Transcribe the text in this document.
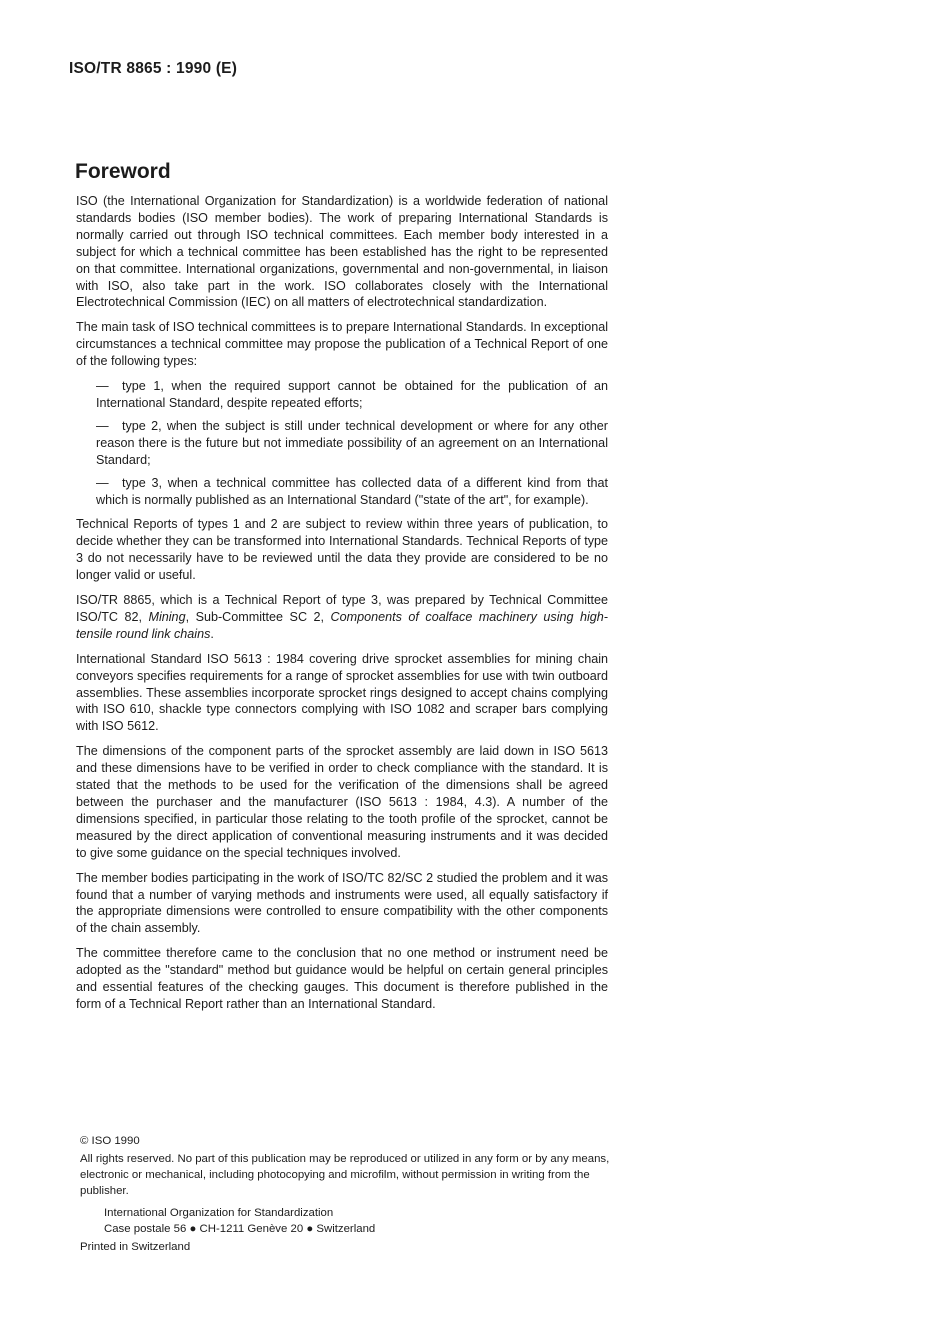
ISO/TR 8865 : 1990 (E)
Foreword

ISO (the International Organization for Standardization) is a worldwide federation of national standards bodies (ISO member bodies). The work of preparing International Standards is normally carried out through ISO technical committees. Each member body interested in a subject for which a technical committee has been established has the right to be represented on that committee. International organizations, governmental and non-governmental, in liaison with ISO, also take part in the work. ISO collaborates closely with the International Electrotechnical Commission (IEC) on all matters of electrotechnical standardization.

The main task of ISO technical committees is to prepare International Standards. In exceptional circumstances a technical committee may propose the publication of a Technical Report of one of the following types:

— type 1, when the required support cannot be obtained for the publication of an International Standard, despite repeated efforts;
— type 2, when the subject is still under technical development or where for any other reason there is the future but not immediate possibility of an agreement on an International Standard;
— type 3, when a technical committee has collected data of a different kind from that which is normally published as an International Standard ("state of the art", for example).

Technical Reports of types 1 and 2 are subject to review within three years of publication, to decide whether they can be transformed into International Standards. Technical Reports of type 3 do not necessarily have to be reviewed until the data they provide are considered to be no longer valid or useful.

ISO/TR 8865, which is a Technical Report of type 3, was prepared by Technical Committee ISO/TC 82, Mining, Sub-Committee SC 2, Components of coalface machinery using high-tensile round link chains.

International Standard ISO 5613 : 1984 covering drive sprocket assemblies for mining chain conveyors specifies requirements for a range of sprocket assemblies for use with twin outboard assemblies. These assemblies incorporate sprocket rings designed to accept chains complying with ISO 610, shackle type connectors complying with ISO 1082 and scraper bars complying with ISO 5612.

The dimensions of the component parts of the sprocket assembly are laid down in ISO 5613 and these dimensions have to be verified in order to check compliance with the standard. It is stated that the methods to be used for the verification of the dimensions shall be agreed between the purchaser and the manufacturer (ISO 5613 : 1984, 4.3). A number of the dimensions specified, in particular those relating to the tooth profile of the sprocket, cannot be measured by the direct application of conventional measuring instruments and it was decided to give some guidance on the special techniques involved.

The member bodies participating in the work of ISO/TC 82/SC 2 studied the problem and it was found that a number of varying methods and instruments were used, all equally satisfactory if the appropriate dimensions were controlled to ensure compatibility with the other components of the chain assembly.

The committee therefore came to the conclusion that no one method or instrument need be adopted as the "standard" method but guidance would be helpful on certain general principles and essential features of the checking gauges. This document is therefore published in the form of a Technical Report rather than an International Standard.

© ISO 1990

All rights reserved. No part of this publication may be reproduced or utilized in any form or by any means, electronic or mechanical, including photocopying and microfilm, without permission in writing from the publisher.

International Organization for Standardization

Case postale 56 ● CH-1211 Genève 20 ● Switzerland

Printed in Switzerland
